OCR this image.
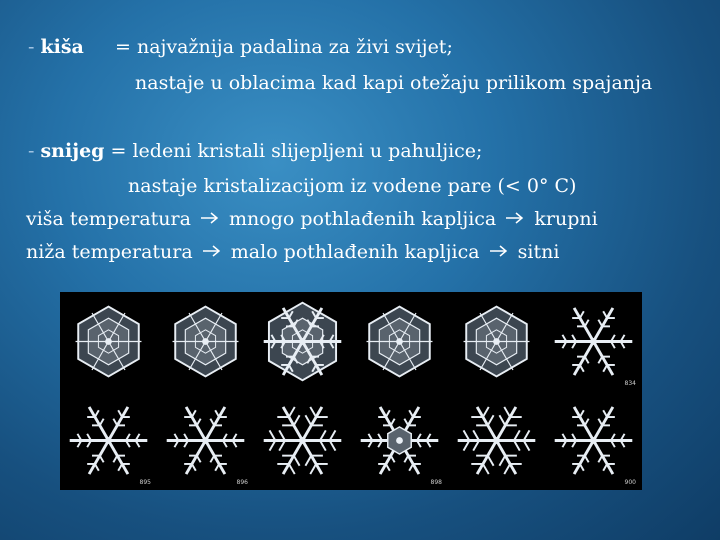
- kiša = najvažnija padalina za živi svijet;
nastaje u oblacima kad kapi otežaju prilikom spajanja
- snijeg = ledeni kristali slijepljeni u pahuljice;
nastaje kristalizacijom iz vodene pare (< 0° C)
viša temperatura mnogo pothlađenih kapljica krupni
niža temperatura malo pothlađenih kapljica sitni
834
895	896	898	900
